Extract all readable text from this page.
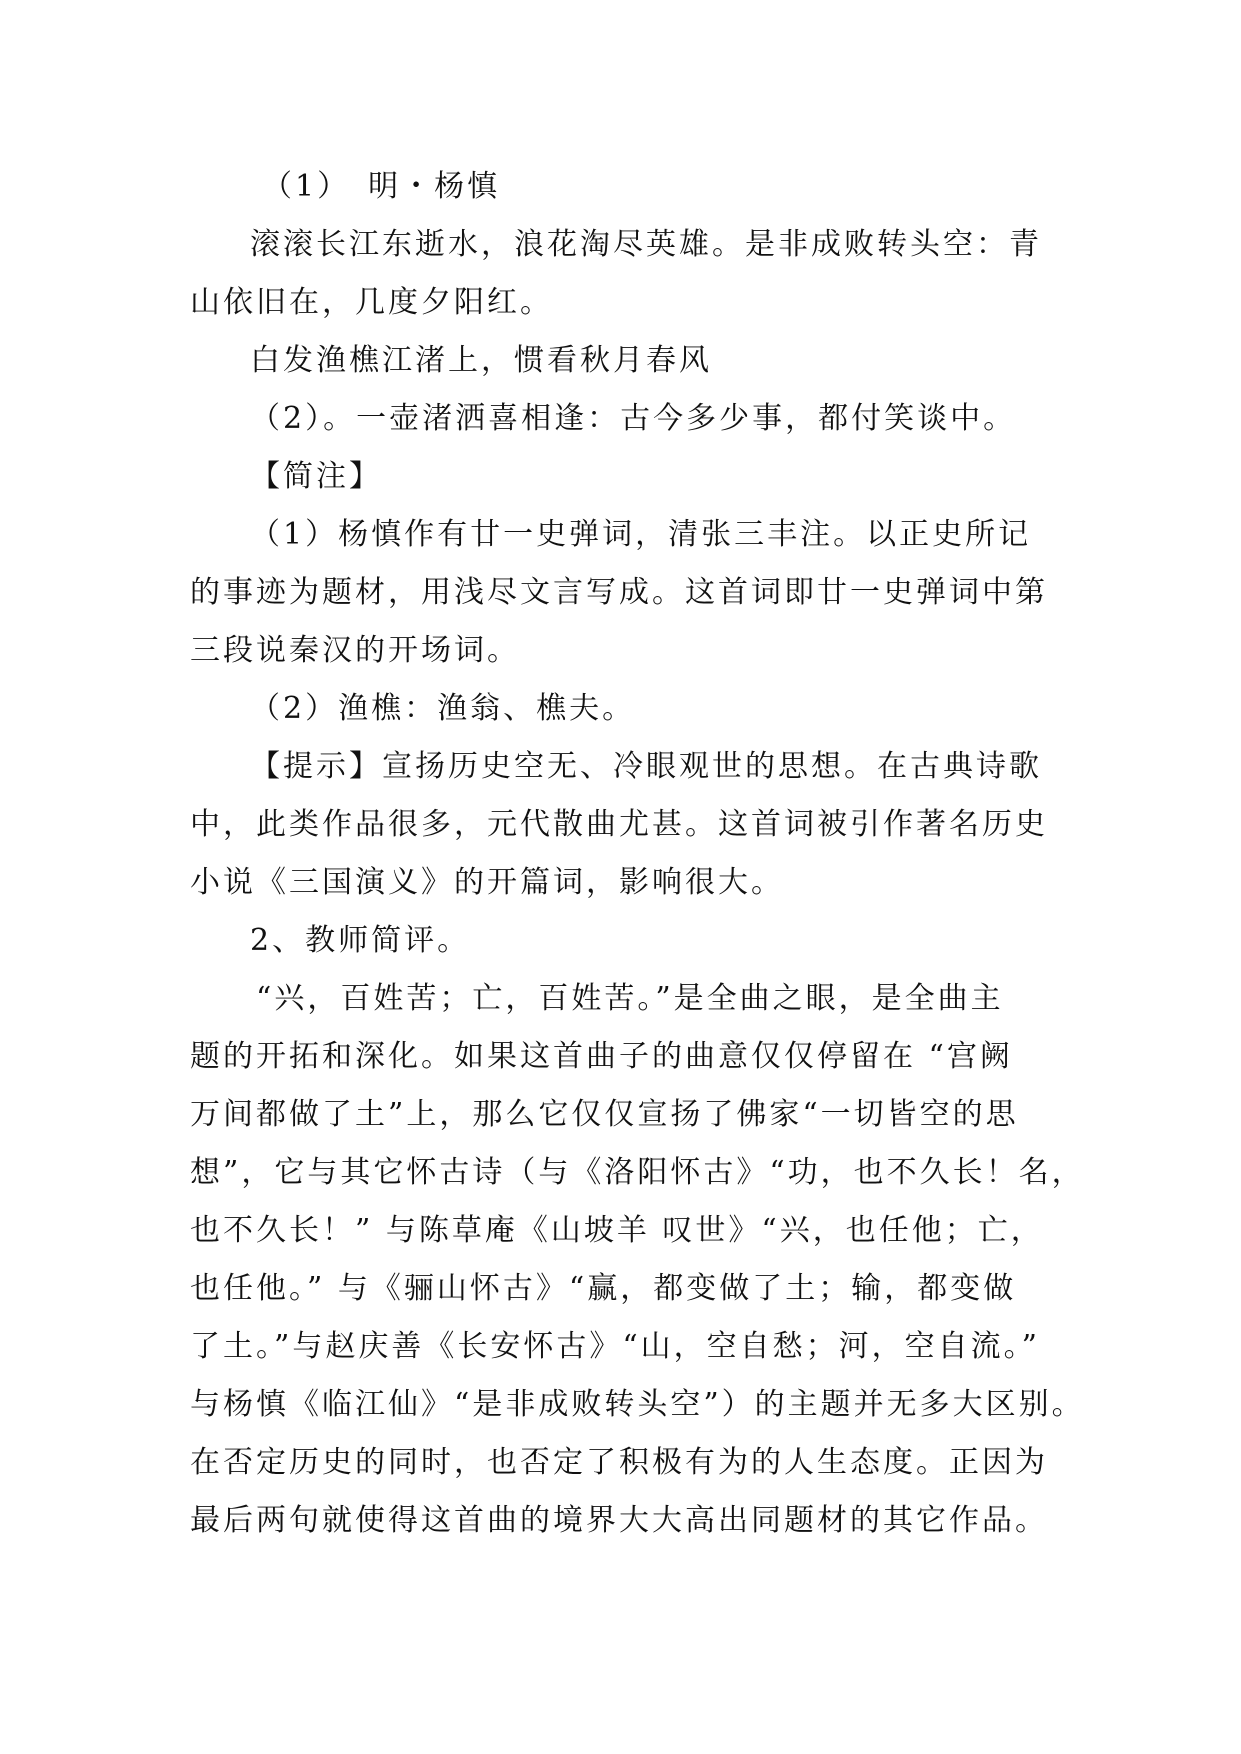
（1）　明・杨慎

滚滚长江东逝水，浪花淘尽英雄。是非成败转头空：青

山依旧在，几度夕阳红。

白发渔樵江渚上，惯看秋月春风

（2）。一壶渚洒喜相逢：古今多少事，都付笑谈中。

【简注】

（1）杨慎作有廿一史弹词，清张三丰注。以正史所记

的事迹为题材，用浅尽文言写成。这首词即廿一史弹词中第

三段说秦汉的开场词。

（2）渔樵：渔翁、樵夫。

【提示】宣扬历史空无、冷眼观世的思想。在古典诗歌

中，此类作品很多，元代散曲尤甚。这首词被引作著名历史

小说《三国演义》的开篇词，影响很大。

2、教师简评。

“兴，百姓苦；亡，百姓苦。”是全曲之眼，是全曲主

题的开拓和深化。如果这首曲子的曲意仅仅停留在 “宫阙

万间都做了土”上，那么它仅仅宣扬了佛家“一切皆空的思

想”，它与其它怀古诗（与《洛阳怀古》“功，也不久长！名，

也不久长！” 与陈草庵《山坡羊 叹世》“兴，也任他；亡，

也任他。” 与《骊山怀古》“赢，都变做了土；输，都变做

了土。”与赵庆善《长安怀古》“山，空自愁；河，空自流。”

与杨慎《临江仙》“是非成败转头空”）的主题并无多大区别。

在否定历史的同时，也否定了积极有为的人生态度。正因为

最后两句就使得这首曲的境界大大高出同题材的其它作品。
